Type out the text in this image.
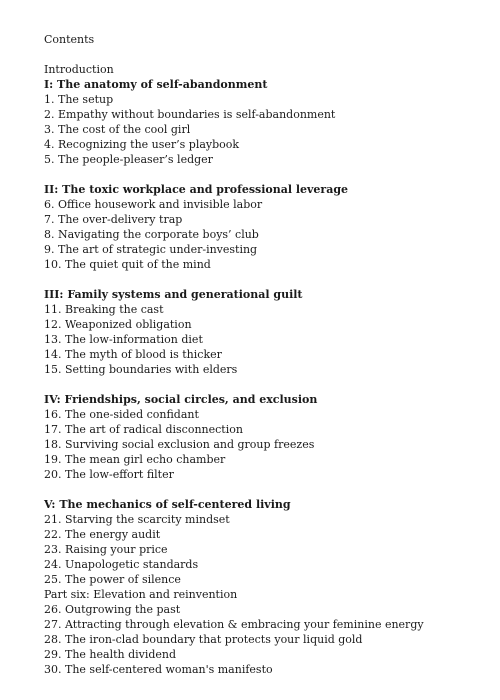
Contents
Introduction
I: The anatomy of self-abandonment
1. The setup
2. Empathy without boundaries is self-abandonment
3. The cost of the cool girl
4. Recognizing the user’s playbook
5. The people-pleaser’s ledger
II: The toxic workplace and professional leverage
6. Office housework and invisible labor
7. The over-delivery trap
8. Navigating the corporate boys’ club
9. The art of strategic under-investing
10. The quiet quit of the mind
III: Family systems and generational guilt
11. Breaking the cast
12. Weaponized obligation
13. The low-information diet
14. The myth of blood is thicker
15. Setting boundaries with elders
IV: Friendships, social circles, and exclusion
16. The one-sided confidant
17. The art of radical disconnection
18. Surviving social exclusion and group freezes
19. The mean girl echo chamber
20. The low-effort filter
V: The mechanics of self-centered living
21. Starving the scarcity mindset
22. The energy audit
23. Raising your price
24. Unapologetic standards
25. The power of silence
Part six: Elevation and reinvention
26. Outgrowing the past
27. Attracting through elevation & embracing your feminine energy
28. The iron-clad boundary that protects your liquid gold
29. The health dividend
30. The self-centered woman's manifesto
